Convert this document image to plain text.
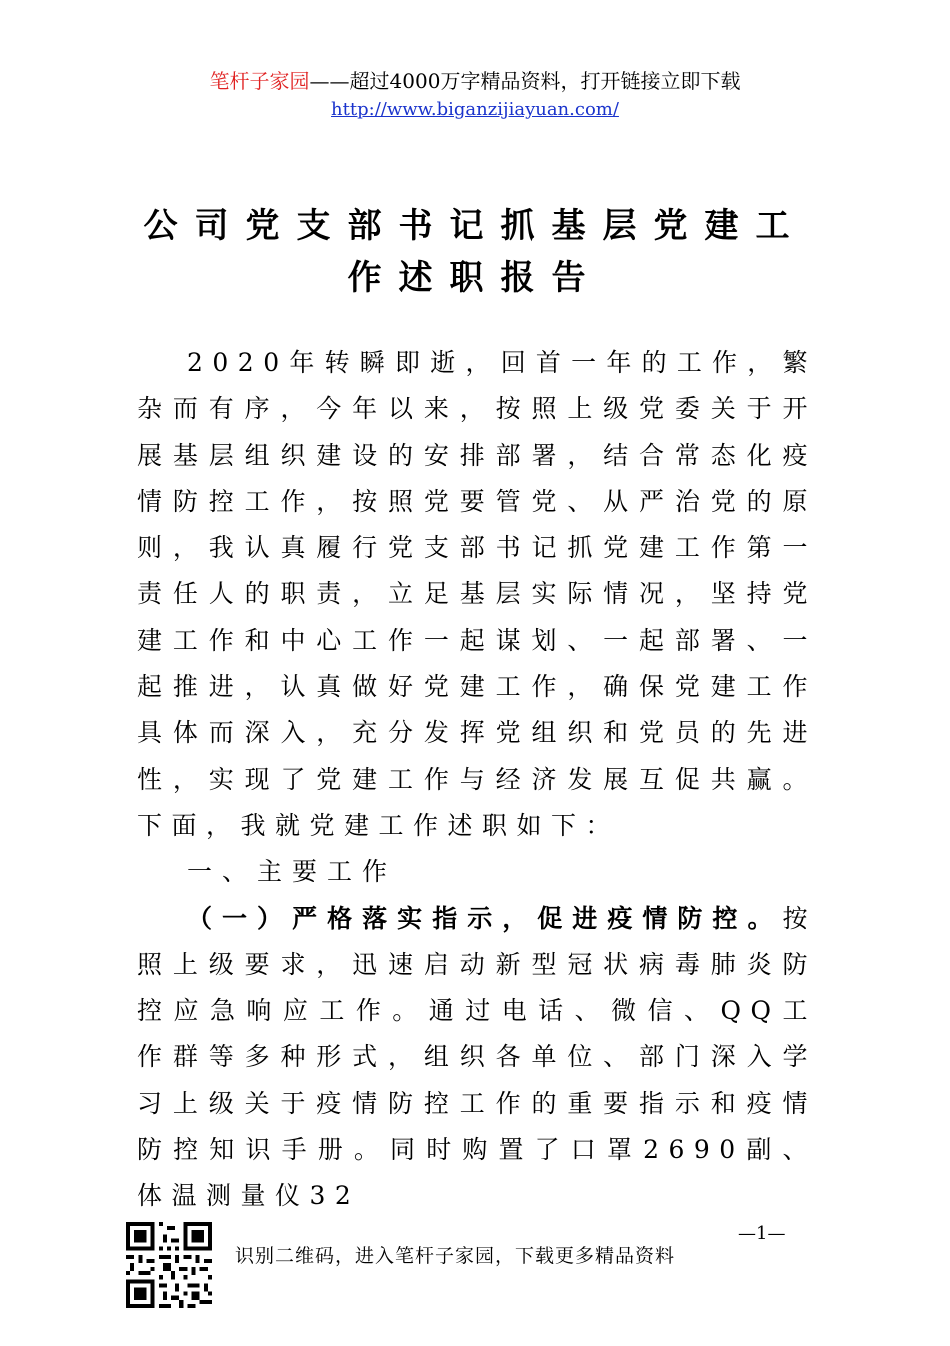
笔杆子家园——超过4000万字精品资料，打开链接立即下载
http://www.biganzijiayuan.com/
公司党支部书记抓基层党建工
作述职报告

2020年转瞬即逝，回首一年的工作，繁杂而有序，今年以来，按照上级党委关于开展基层组织建设的安排部署，结合常态化疫情防控工作，按照党要管党、从严治党的原则，我认真履行党支部书记抓党建工作第一责任人的职责，立足基层实际情况，坚持党建工作和中心工作一起谋划、一起部署、一起推进，认真做好党建工作，确保党建工作具体而深入，充分发挥党组织和党员的先进性，实现了党建工作与经济发展互促共赢。下面，我就党建工作述职如下：

一、主要工作

（一）严格落实指示，促进疫情防控。按照上级要求，迅速启动新型冠状病毒肺炎防控应急响应工作。通过电话、微信、QQ工作群等多种形式，组织各单位、部门深入学习上级关于疫情防控工作的重要指示和疫情防控知识手册。同时购置了口罩2690副、体温测量仪32

—1—
识别二维码，进入笔杆子家园，下载更多精品资料
